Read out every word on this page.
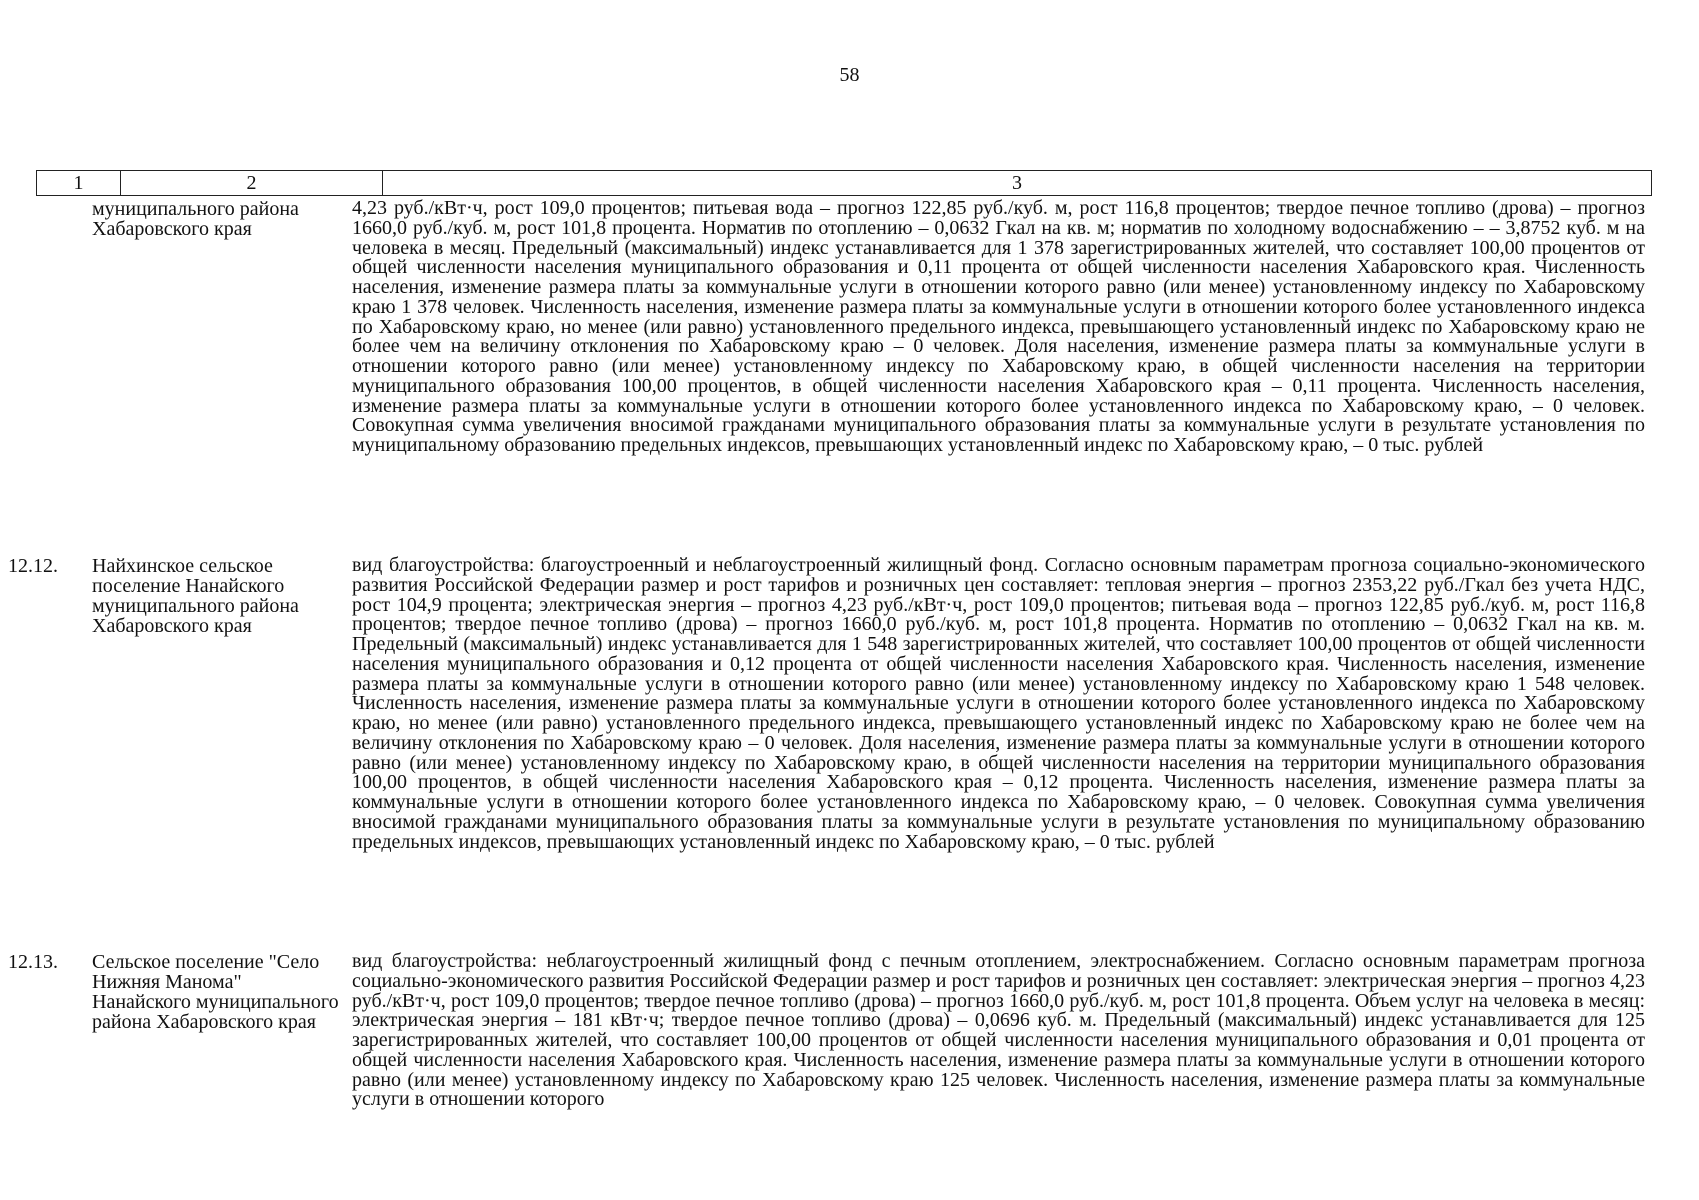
58
1	2	3
муниципального района Хабаровского края
4,23 руб./кВт·ч, рост 109,0 процентов; питьевая вода – прогноз 122,85 руб./куб. м, рост 116,8 процентов; твердое печное топливо (дрова) – прогноз 1660,0 руб./куб. м, рост 101,8 процента. Норматив по отоплению – 0,0632 Гкал на кв. м; норматив по холодному водоснабжению – – 3,8752 куб. м на человека в месяц. Предельный (максимальный) индекс устанавливается для 1 378 зарегистрированных жителей, что составляет 100,00 процентов от общей численности населения муниципального образования и 0,11 процента от общей численности населения Хабаровского края. Численность населения, изменение размера платы за коммунальные услуги в отношении которого равно (или менее) установленному индексу по Хабаровскому краю 1 378 человек. Численность населения, изменение размера платы за коммунальные услуги в отношении которого более установленного индекса по Хабаровскому краю, но менее (или равно) установленного предельного индекса, превышающего установленный индекс по Хабаровскому краю не более чем на величину отклонения по Хабаровскому краю – 0 человек. Доля населения, изменение размера платы за коммунальные услуги в отношении которого равно (или менее) установленному индексу по Хабаровскому краю, в общей численности населения на территории муниципального образования 100,00 процентов, в общей численности населения Хабаровского края – 0,11 процента. Численность населения, изменение размера платы за коммунальные услуги в отношении которого более установленного индекса по Хабаровскому краю, – 0 человек. Совокупная сумма увеличения вносимой гражданами муниципального образования платы за коммунальные услуги в результате установления по муниципальному образованию предельных индексов, превышающих установленный индекс по Хабаровскому краю, – 0 тыс. рублей
12.12. Найхинское сельское поселение Нанайского муниципального района Хабаровского края
вид благоустройства: благоустроенный и неблагоустроенный жилищный фонд. Согласно основным параметрам прогноза социально-экономического развития Российской Федерации размер и рост тарифов и розничных цен составляет: тепловая энергия – прогноз 2353,22 руб./Гкал без учета НДС, рост 104,9 процента; электрическая энергия – прогноз 4,23 руб./кВт·ч, рост 109,0 процентов; питьевая вода – прогноз 122,85 руб./куб. м, рост 116,8 процентов; твердое печное топливо (дрова) – прогноз 1660,0 руб./куб. м, рост 101,8 процента. Норматив по отоплению – 0,0632 Гкал на кв. м. Предельный (максимальный) индекс устанавливается для 1 548 зарегистрированных жителей, что составляет 100,00 процентов от общей численности населения муниципального образования и 0,12 процента от общей численности населения Хабаровского края. Численность населения, изменение размера платы за коммунальные услуги в отношении которого равно (или менее) установленному индексу по Хабаровскому краю 1 548 человек. Численность населения, изменение размера платы за коммунальные услуги в отношении которого более установленного индекса по Хабаровскому краю, но менее (или равно) установленного предельного индекса, превышающего установленный индекс по Хабаровскому краю не более чем на величину отклонения по Хабаровскому краю – 0 человек. Доля населения, изменение размера платы за коммунальные услуги в отношении которого равно (или менее) установленному индексу по Хабаровскому краю, в общей численности населения на территории муниципального образования 100,00 процентов, в общей численности населения Хабаровского края – 0,12 процента. Численность населения, изменение размера платы за коммунальные услуги в отношении которого более установленного индекса по Хабаровскому краю, – 0 человек. Совокупная сумма увеличения вносимой гражданами муниципального образования платы за коммунальные услуги в результате установления по муниципальному образованию предельных индексов, превышающих установленный индекс по Хабаровскому краю, – 0 тыс. рублей
12.13. Сельское поселение "Село Нижняя Манома" Нанайского муниципального района Хабаровского края
вид благоустройства: неблагоустроенный жилищный фонд с печным отоплением, электроснабжением. Согласно основным параметрам прогноза социально-экономического развития Российской Федерации размер и рост тарифов и розничных цен составляет: электрическая энергия – прогноз 4,23 руб./кВт·ч, рост 109,0 процентов; твердое печное топливо (дрова) – прогноз 1660,0 руб./куб. м, рост 101,8 процента. Объем услуг на человека в месяц: электрическая энергия – 181 кВт·ч; твердое печное топливо (дрова) – 0,0696 куб. м. Предельный (максимальный) индекс устанавливается для 125 зарегистрированных жителей, что составляет 100,00 процентов от общей численности населения муниципального образования и 0,01 процента от общей численности населения Хабаровского края. Численность населения, изменение размера платы за коммунальные услуги в отношении которого равно (или менее) установленному индексу по Хабаровскому краю 125 человек. Численность населения, изменение размера платы за коммунальные услуги в отношении которого
